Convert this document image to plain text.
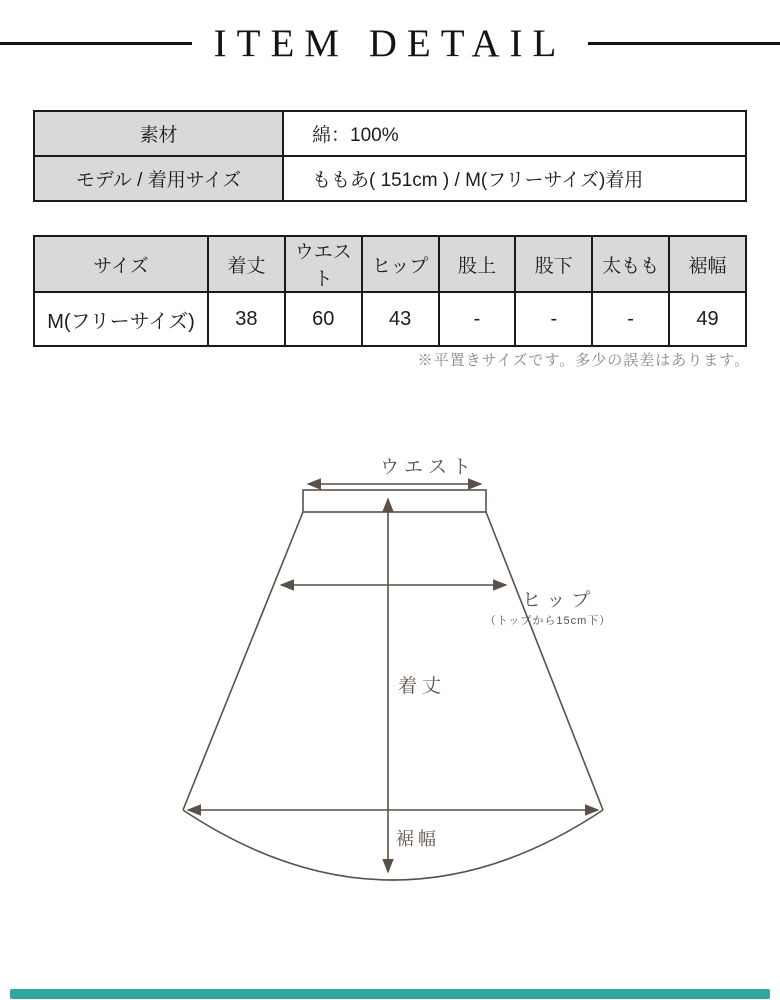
ITEM DETAIL
素材	綿：100%
モデル / 着用サイズ	ももあ( 151cm ) / M(フリーサイズ)着用
サイズ	着丈	ウエスト	ヒップ	股上	股下	太もも	裾幅
M(フリーサイズ)	38	60	43	-	-	-	49
※平置きサイズです。多少の誤差はあります。
ウエスト
ヒップ
（トップから15cm下）
着丈
裾幅
